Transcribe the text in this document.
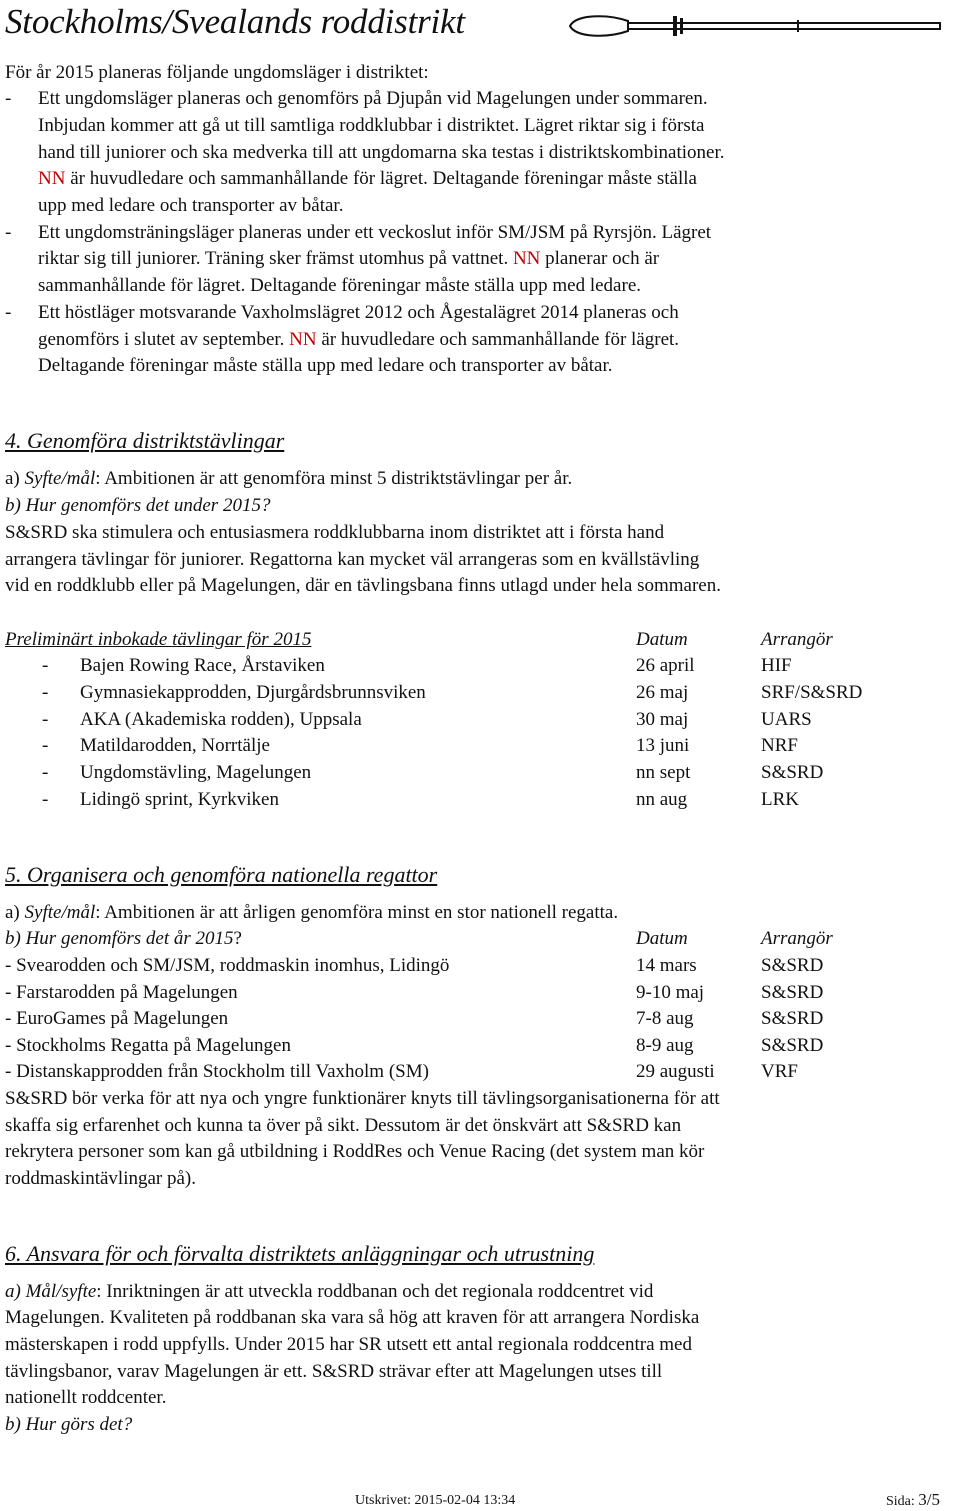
Stockholms/Svealands roddistrikt
För år 2015 planeras följande ungdomsläger i distriktet:
- Ett ungdomsläger planeras och genomförs på Djupån vid Magelungen under sommaren.
Inbjudan kommer att gå ut till samtliga roddklubbar i distriktet. Lägret riktar sig i första
hand till juniorer och ska medverka till att ungdomarna ska testas i distriktskombinationer.
NN är huvudledare och sammanhållande för lägret. Deltagande föreningar måste ställa
upp med ledare och transporter av båtar.
- Ett ungdomsträningsläger planeras under ett veckoslut inför SM/JSM på Ryrsjön. Lägret
riktar sig till juniorer. Träning sker främst utomhus på vattnet. NN planerar och är
sammanhållande för lägret. Deltagande föreningar måste ställa upp med ledare.
- Ett höstläger motsvarande Vaxholmslägret 2012 och Ågestalägret 2014 planeras och
genomförs i slutet av september. NN är huvudledare och sammanhållande för lägret.
Deltagande föreningar måste ställa upp med ledare och transporter av båtar.
4. Genomföra distriktstävlingar
a) Syfte/mål: Ambitionen är att genomföra minst 5 distriktstävlingar per år.
b) Hur genomförs det under 2015?
S&SRD ska stimulera och entusiasmera roddklubbarna inom distriktet att i första hand
arrangera tävlingar för juniorer. Regattorna kan mycket väl arrangeras som en kvällstävling
vid en roddklubb eller på Magelungen, där en tävlingsbana finns utlagd under hela sommaren.
Preliminärt inbokade tävlingar för 2015	Datum	Arrangör
- Bajen Rowing Race, Årstaviken	26 april	HIF
- Gymnasiekapprodden, Djurgårdsbrunnsviken	26 maj	SRF/S&SRD
- AKA (Akademiska rodden), Uppsala	30 maj	UARS
- Matildarodden, Norrtälje	13 juni	NRF
- Ungdomstävling, Magelungen	nn sept	S&SRD
- Lidingö sprint, Kyrkviken	nn aug	LRK
5. Organisera och genomföra nationella regattor
a) Syfte/mål: Ambitionen är att årligen genomföra minst en stor nationell regatta.
b) Hur genomförs det år 2015?	Datum	Arrangör
- Svearodden och SM/JSM, roddmaskin inomhus, Lidingö	14 mars	S&SRD
- Farstarodden på Magelungen	9-10 maj	S&SRD
- EuroGames på Magelungen	7-8 aug	S&SRD
- Stockholms Regatta på Magelungen	8-9 aug	S&SRD
- Distanskapprodden från Stockholm till Vaxholm (SM)	29 augusti VRF
S&SRD bör verka för att nya och yngre funktionärer knyts till tävlingsorganisationerna för att
skaffa sig erfarenhet och kunna ta över på sikt. Dessutom är det önskvärt att S&SRD kan
rekrytera personer som kan gå utbildning i RoddRes och Venue Racing (det system man kör
roddmaskintävlingar på).
6. Ansvara för och förvalta distriktets anläggningar och utrustning
a) Mål/syfte: Inriktningen är att utveckla roddbanan och det regionala roddcentret vid
Magelungen. Kvaliteten på roddbanan ska vara så hög att kraven för att arrangera Nordiska
mästerskapen i rodd uppfylls. Under 2015 har SR utsett ett antal regionala roddcentra med
tävlingsbanor, varav Magelungen är ett. S&SRD strävar efter att Magelungen utses till
nationellt roddcenter.
b) Hur görs det?
Utskrivet: 2015-02-04 13:34	Sida: 3/5
